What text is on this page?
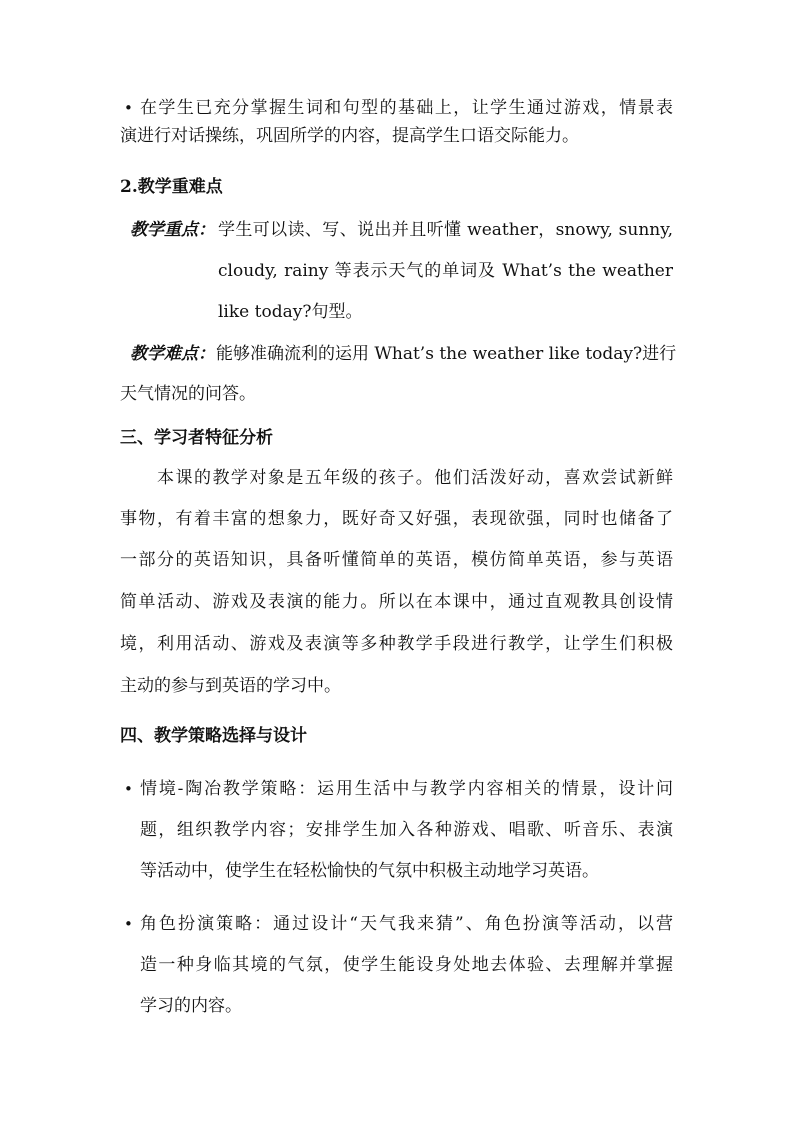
• 在学生已充分掌握生词和句型的基础上，让学生通过游戏，情景表
演进行对话操练，巩固所学的内容，提高学生口语交际能力。
2.教学重难点
教学重点： 学生可以读、写、说出并且听懂 weather，snowy, sunny,
cloudy, rainy 等表示天气的单词及 What’s the weather
like today?句型。
教学难点： 能够准确流利的运用 What’s the weather like today?进行
天气情况的问答。
三、学习者特征分析
本课的教学对象是五年级的孩子。他们活泼好动，喜欢尝试新鲜
事物，有着丰富的想象力，既好奇又好强，表现欲强，同时也储备了
一部分的英语知识，具备听懂简单的英语，模仿简单英语，参与英语
简单活动、游戏及表演的能力。所以在本课中，通过直观教具创设情
境，利用活动、游戏及表演等多种教学手段进行教学，让学生们积极
主动的参与到英语的学习中。
四、教学策略选择与设计
• 情境-陶冶教学策略：运用生活中与教学内容相关的情景，设计问
题，组织教学内容；安排学生加入各种游戏、唱歌、听音乐、表演
等活动中，使学生在轻松愉快的气氛中积极主动地学习英语。
• 角色扮演策略：通过设计“天气我来猜”、角色扮演等活动，以营
造一种身临其境的气氛，使学生能设身处地去体验、去理解并掌握
学习的内容。
